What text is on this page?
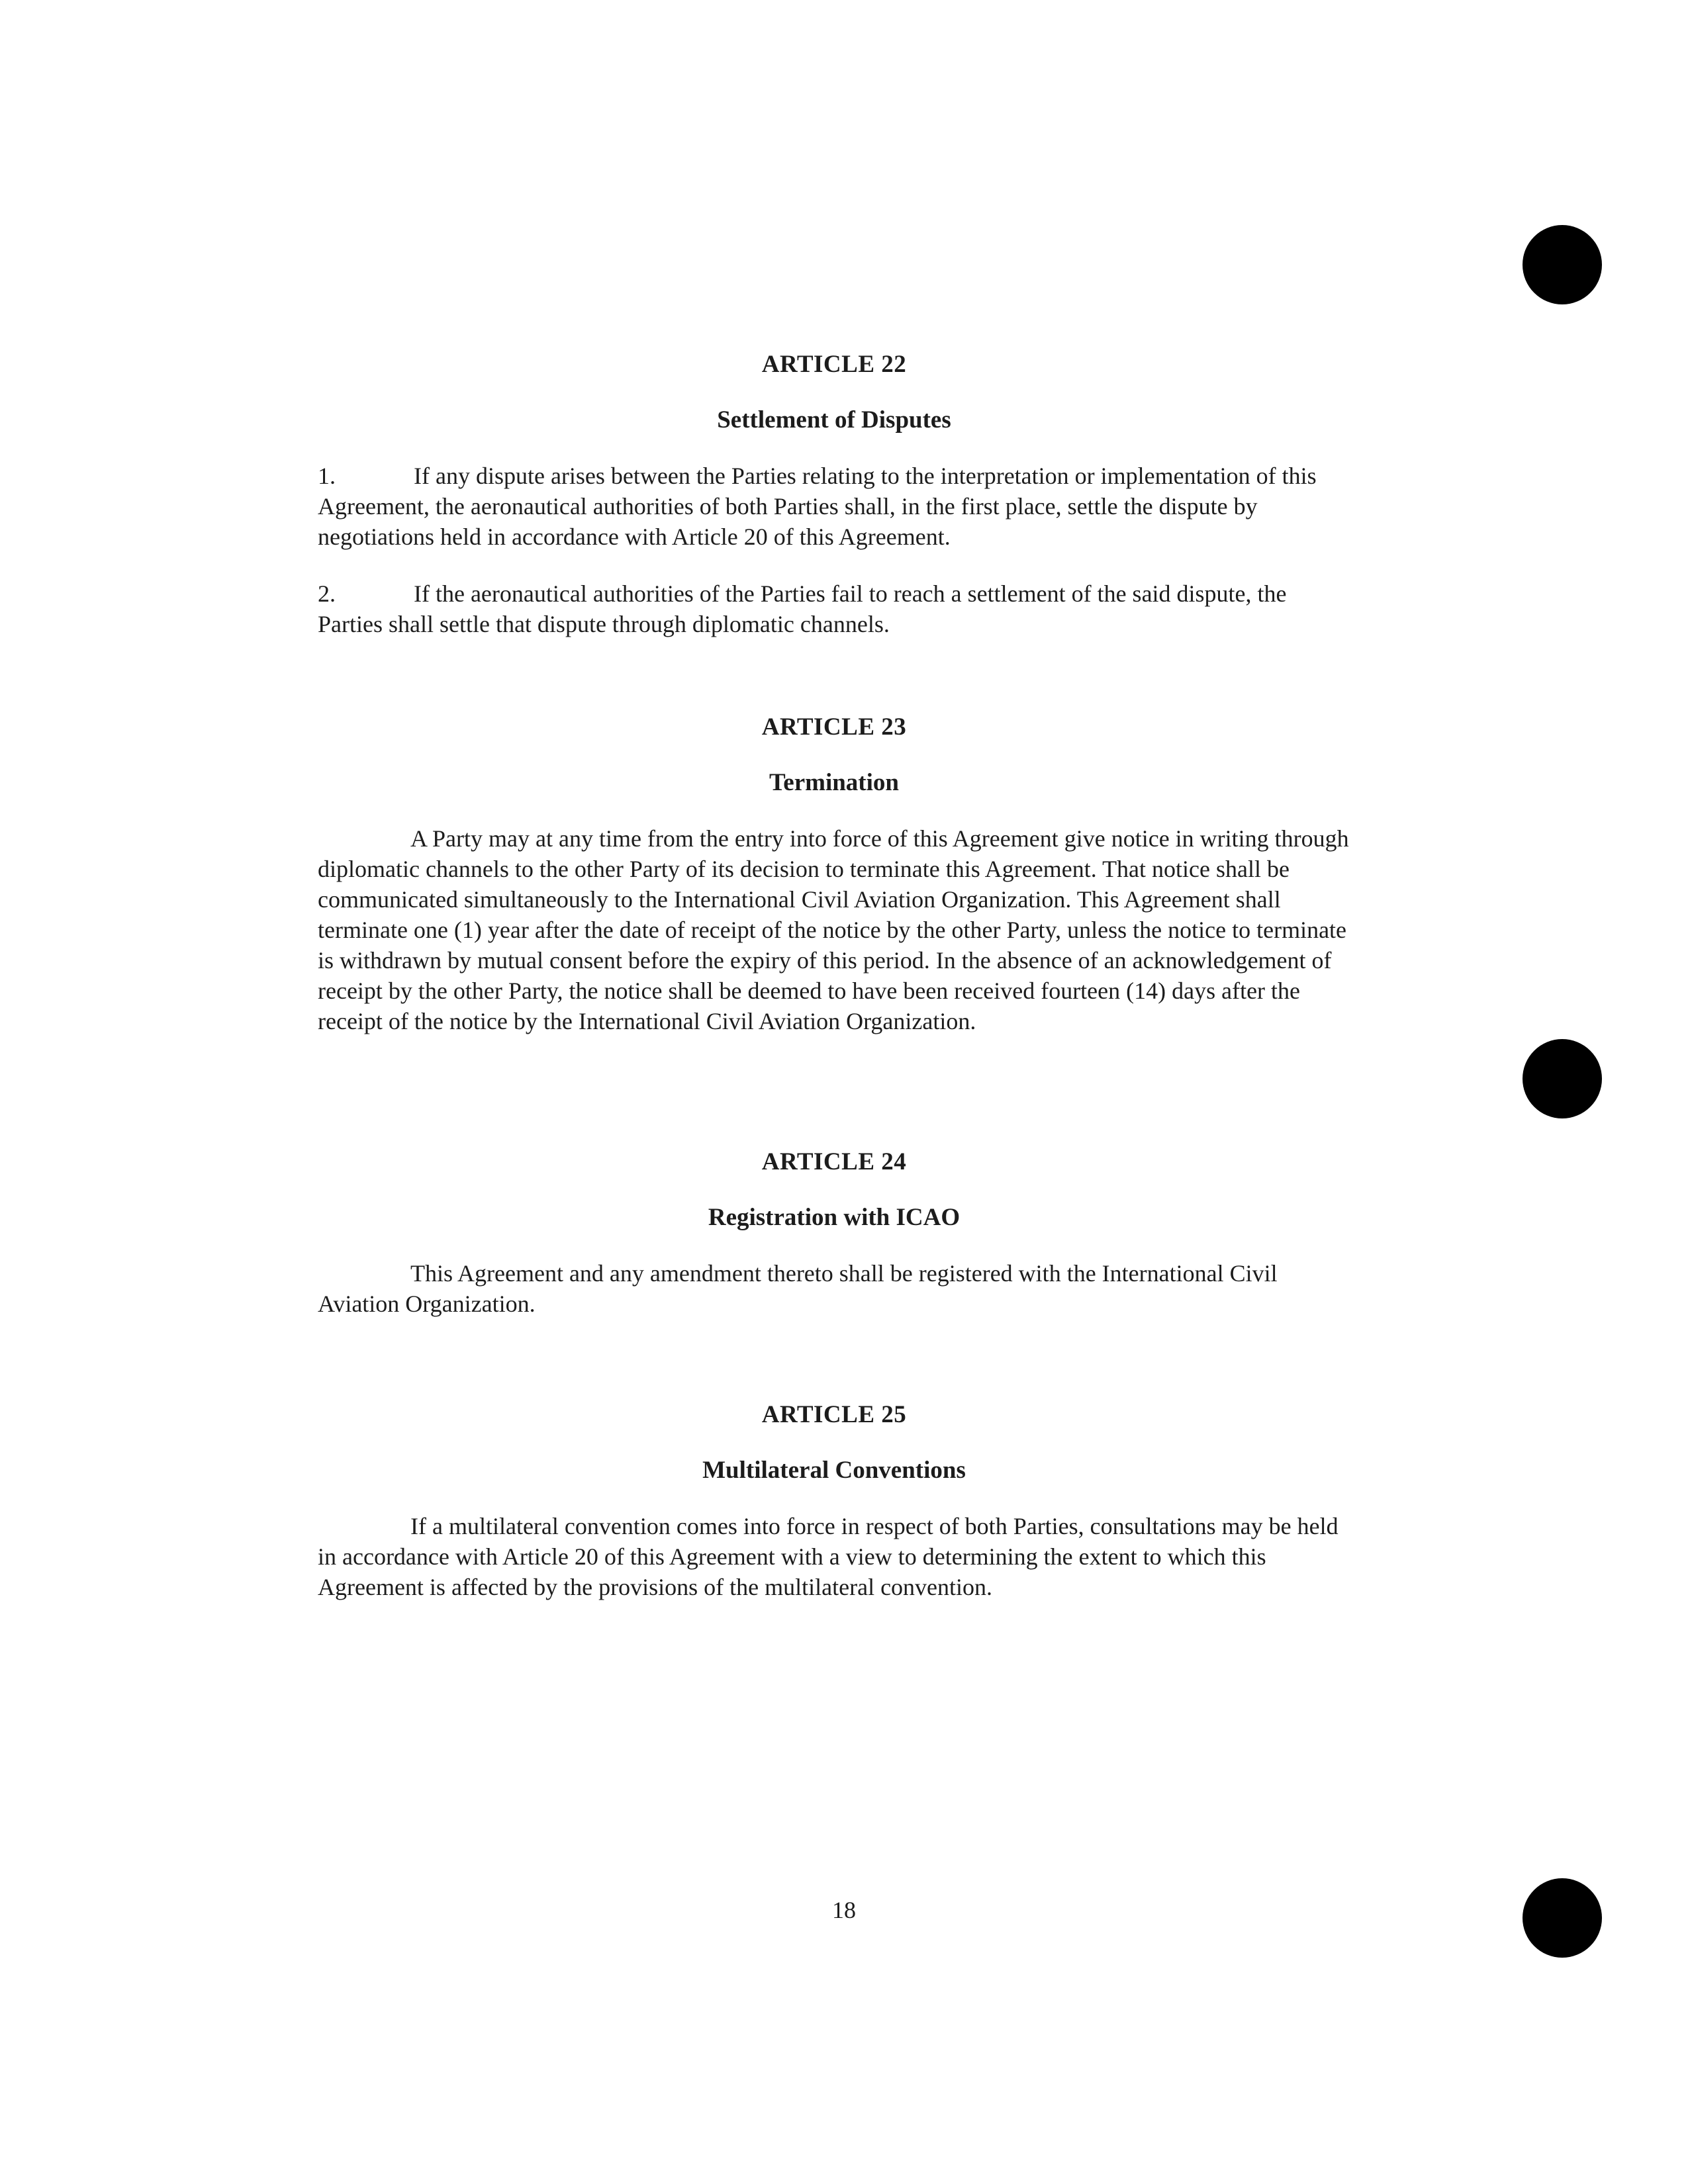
ARTICLE 22
Settlement of Disputes

1.	If any dispute arises between the Parties relating to the interpretation or implementation of this Agreement, the aeronautical authorities of both Parties shall, in the first place, settle the dispute by negotiations held in accordance with Article 20 of this Agreement.

2.	If the aeronautical authorities of the Parties fail to reach a settlement of the said dispute, the Parties shall settle that dispute through diplomatic channels.

ARTICLE 23
Termination

A Party may at any time from the entry into force of this Agreement give notice in writing through diplomatic channels to the other Party of its decision to terminate this Agreement. That notice shall be communicated simultaneously to the International Civil Aviation Organization. This Agreement shall terminate one (1) year after the date of receipt of the notice by the other Party, unless the notice to terminate is withdrawn by mutual consent before the expiry of this period. In the absence of an acknowledgement of receipt by the other Party, the notice shall be deemed to have been received fourteen (14) days after the receipt of the notice by the International Civil Aviation Organization.

ARTICLE 24
Registration with ICAO

This Agreement and any amendment thereto shall be registered with the International Civil Aviation Organization.

ARTICLE 25
Multilateral Conventions

If a multilateral convention comes into force in respect of both Parties, consultations may be held in accordance with Article 20 of this Agreement with a view to determining the extent to which this Agreement is affected by the provisions of the multilateral convention.

18
